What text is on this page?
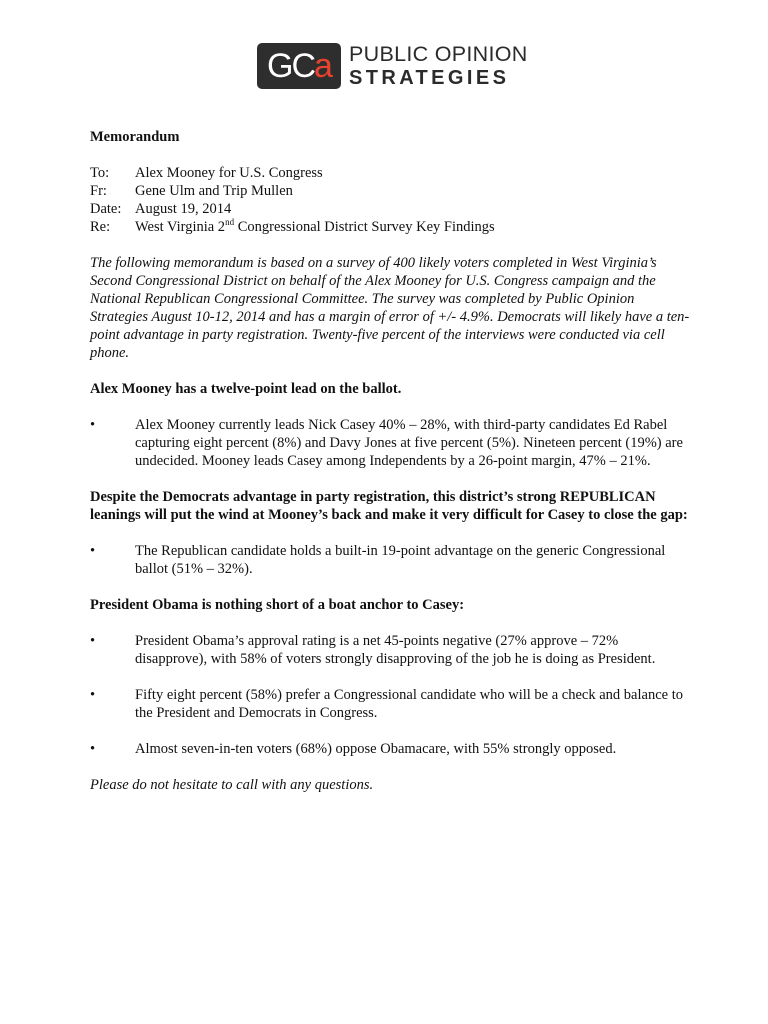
G C a PUBLIC OPINION
STRATEGIES
Memorandum
To:	Alex Mooney for U.S. Congress
Fr:	Gene Ulm and Trip Mullen
Date: August 19, 2014
Re:	West Virginia 2nd Congressional District Survey Key Findings
The following memorandum is based on a survey of 400 likely voters completed in West Virginia’s Second Congressional District on behalf of the Alex Mooney for U.S. Congress campaign and the National Republican Congressional Committee. The survey was completed by Public Opinion Strategies August 10-12, 2014 and has a margin of error of +/- 4.9%. Democrats will likely have a ten-point advantage in party registration. Twenty-five percent of the interviews were conducted via cell phone.
Alex Mooney has a twelve-point lead on the ballot.
•	Alex Mooney currently leads Nick Casey 40% – 28%, with third-party candidates Ed Rabel capturing eight percent (8%) and Davy Jones at five percent (5%). Nineteen percent (19%) are undecided. Mooney leads Casey among Independents by a 26-point margin, 47% – 21%.
Despite the Democrats advantage in party registration, this district’s strong REPUBLICAN leanings will put the wind at Mooney’s back and make it very difficult for Casey to close the gap:
•	The Republican candidate holds a built-in 19-point advantage on the generic Congressional ballot (51% – 32%).
President Obama is nothing short of a boat anchor to Casey:
•	President Obama’s approval rating is a net 45-points negative (27% approve – 72% disapprove), with 58% of voters strongly disapproving of the job he is doing as President.
•	Fifty eight percent (58%) prefer a Congressional candidate who will be a check and balance to the President and Democrats in Congress.
•	Almost seven-in-ten voters (68%) oppose Obamacare, with 55% strongly opposed.
Please do not hesitate to call with any questions.
